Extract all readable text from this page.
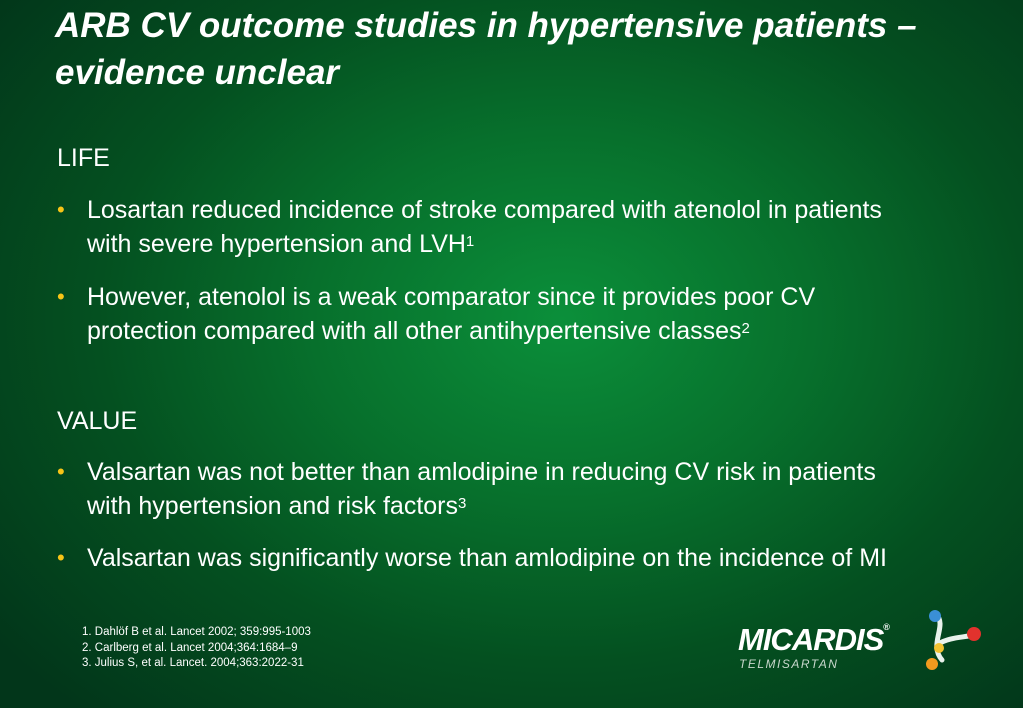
ARB CV outcome studies in hypertensive patients – evidence unclear
LIFE
• Losartan reduced incidence of stroke compared with atenolol in patients with severe hypertension and LVH$^1$
• However, atenolol is a weak comparator since it provides poor CV protection compared with all other antihypertensive classes$^2$
VALUE
• Valsartan was not better than amlodipine in reducing CV risk in patients with hypertension and risk factors$^3$
• Valsartan was significantly worse than amlodipine on the incidence of MI
1. Dahlöf B et al. Lancet 2002; 359:995-1003
2. Carlberg et al. Lancet 2004;364:1684–9
3. Julius S, et al. Lancet. 2004;363:2022-31
MICARDIS®
TELMISARTAN
